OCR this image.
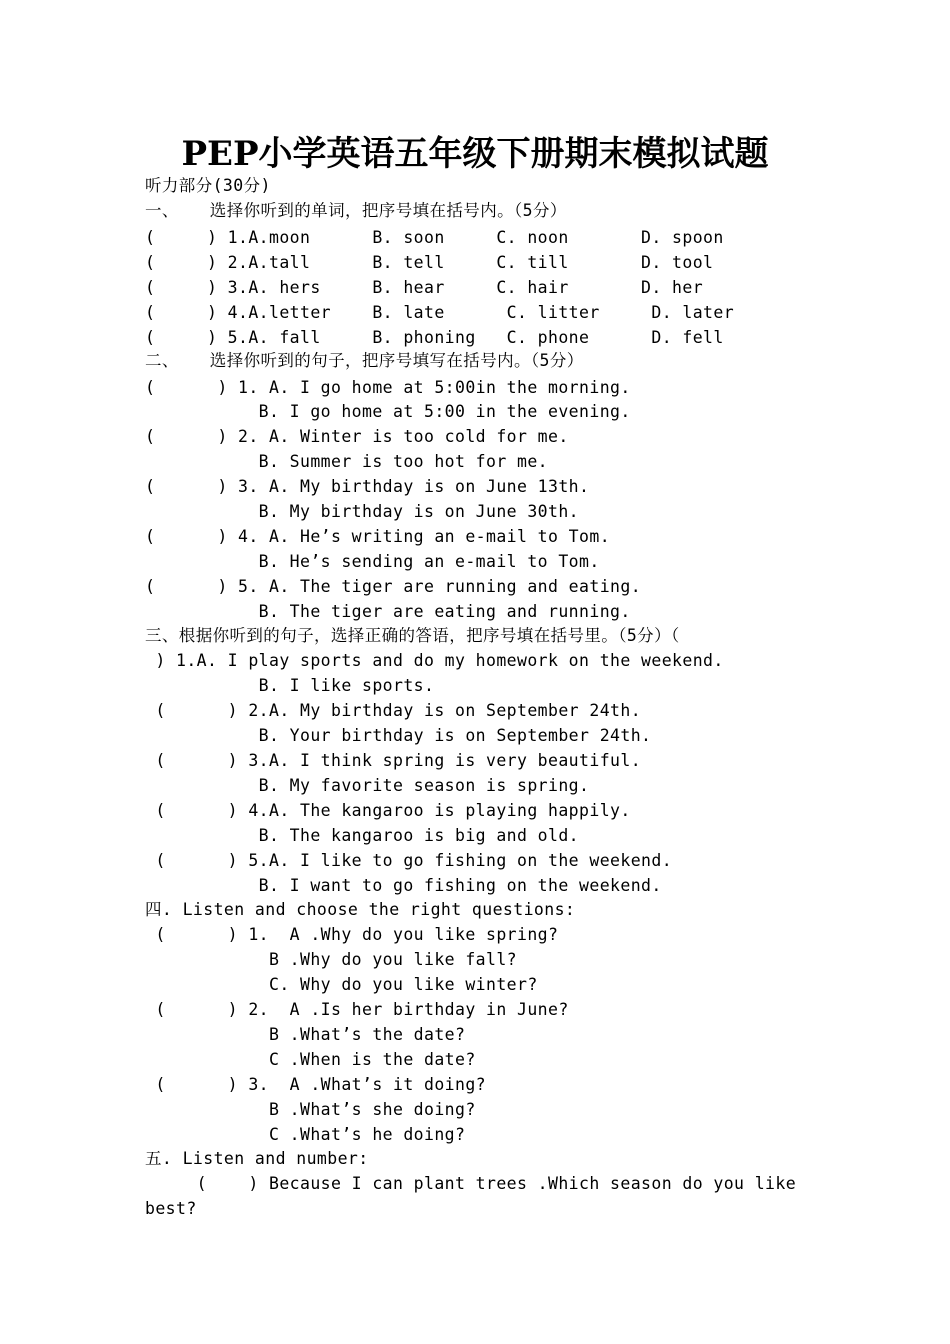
PEP小学英语五年级下册期末模拟试题
听力部分(30分)
一、   选择你听到的单词，把序号填在括号内。（5分）
(     ) 1.A.moon      B. soon     C. noon       D. spoon
(     ) 2.A.tall      B. tell     C. till       D. tool
(     ) 3.A. hers     B. hear     C. hair       D. her
(     ) 4.A.letter    B. late      C. litter     D. later
(     ) 5.A. fall     B. phoning   C. phone      D. fell
二、   选择你听到的句子，把序号填写在括号内。（5分）
(      ) 1. A. I go home at 5:00in the morning.
B. I go home at 5:00 in the evening.
(      ) 2. A. Winter is too cold for me.
B. Summer is too hot for me.
(      ) 3. A. My birthday is on June 13th.
B. My birthday is on June 30th.
(      ) 4. A. He’s writing an e-mail to Tom.
B. He’s sending an e-mail to Tom.
(      ) 5. A. The tiger are running and eating.
B. The tiger are eating and running.
三、根据你听到的句子，选择正确的答语，把序号填在括号里。（5分）（
) 1.A. I play sports and do my homework on the weekend.
B. I like sports.
(      ) 2.A. My birthday is on September 24th.
B. Your birthday is on September 24th.
(      ) 3.A. I think spring is very beautiful.
B. My favorite season is spring.
(      ) 4.A. The kangaroo is playing happily.
B. The kangaroo is big and old.
(      ) 5.A. I like to go fishing on the weekend.
B. I want to go fishing on the weekend.
四. Listen and choose the right questions:
(      ) 1.  A .Why do you like spring?
B .Why do you like fall?
C. Why do you like winter?
(      ) 2.  A .Is her birthday in June?
B .What’s the date?
C .When is the date?
(      ) 3.  A .What’s it doing?
B .What’s she doing?
C .What’s he doing?
五. Listen and number:
(    ) Because I can plant trees .Which season do you like
best?
